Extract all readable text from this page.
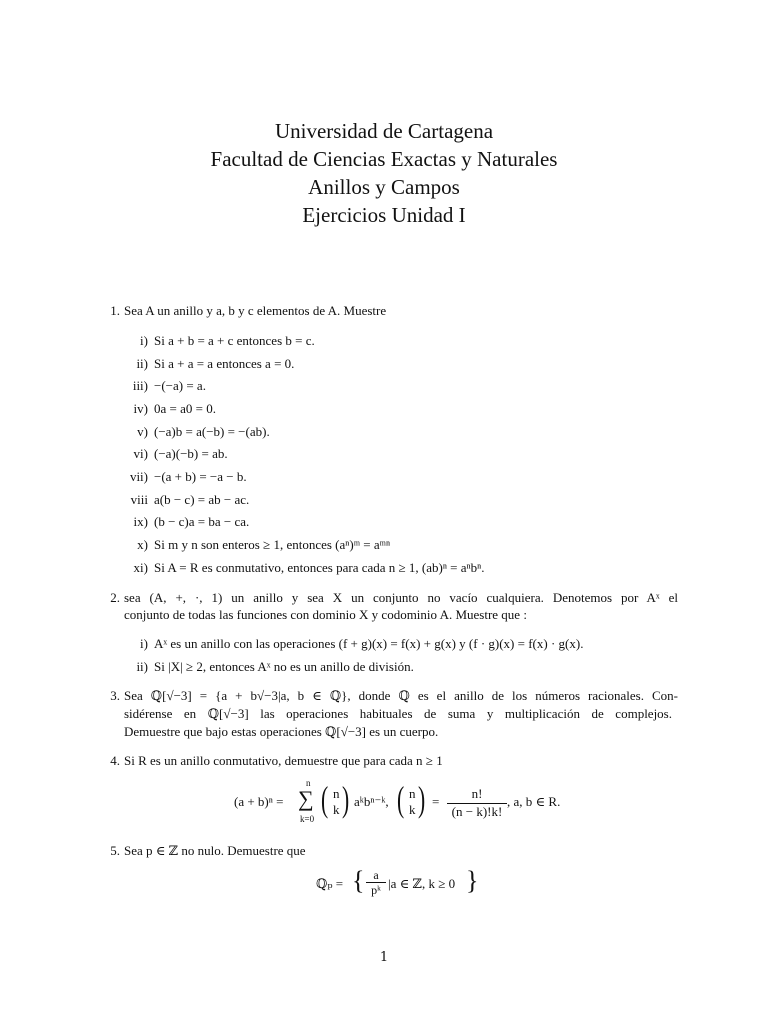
Universidad de Cartagena
Facultad de Ciencias Exactas y Naturales
Anillos y Campos
Ejercicios Unidad I
1. Sea A un anillo y a, b y c elementos de A. Muestre
i) Si a + b = a + c entonces b = c.
ii) Si a + a = a entonces a = 0.
iii) −(−a) = a.
iv) 0a = a0 = 0.
v) (−a)b = a(−b) = −(ab).
vi) (−a)(−b) = ab.
vii) −(a + b) = −a − b.
viii a(b − c) = ab − ac.
ix) (b − c)a = ba − ca.
x) Si m y n son enteros ≥ 1, entonces (aⁿ)ᵐ = aᵐⁿ
xi) Si A = R es conmutativo, entonces para cada n ≥ 1, (ab)ⁿ = aⁿbⁿ.
2. sea (A, +, ·, 1) un anillo y sea X un conjunto no vacío cualquiera. Denotemos por Aˣ el
conjunto de todas las funciones con dominio X y codominio A. Muestre que :
i) Aˣ es un anillo con las operaciones (f + g)(x) = f(x) + g(x) y (f · g)(x) = f(x) · g(x).
ii) Si |X| ≥ 2, entonces Aˣ no es un anillo de división.
3. Sea ℚ[√−3] = {a + b√−3|a, b ∈ ℚ}, donde ℚ es el anillo de los números racionales. Con-
sidérense en ℚ[√−3] las operaciones habituales de suma y multiplicación de complejos.
Demuestre que bajo estas operaciones ℚ[√−3] es un cuerpo.
4. Si R es un anillo conmutativo, demuestre que para cada n ≥ 1
(a + b)ⁿ =
n
∑
k=0 ( n
k ) aᵏbⁿ⁻ᵏ, ( n
k ) = $\frac{n!}{(n - k)!k!}$ , a, b ∈ R.
5. Sea p ∈ ℤ no nulo. Demuestre que
ℚₚ = { $\frac{a}{\text{pᵏ}} |a$ ∈ ℤ, k ≥ 0 }
1
